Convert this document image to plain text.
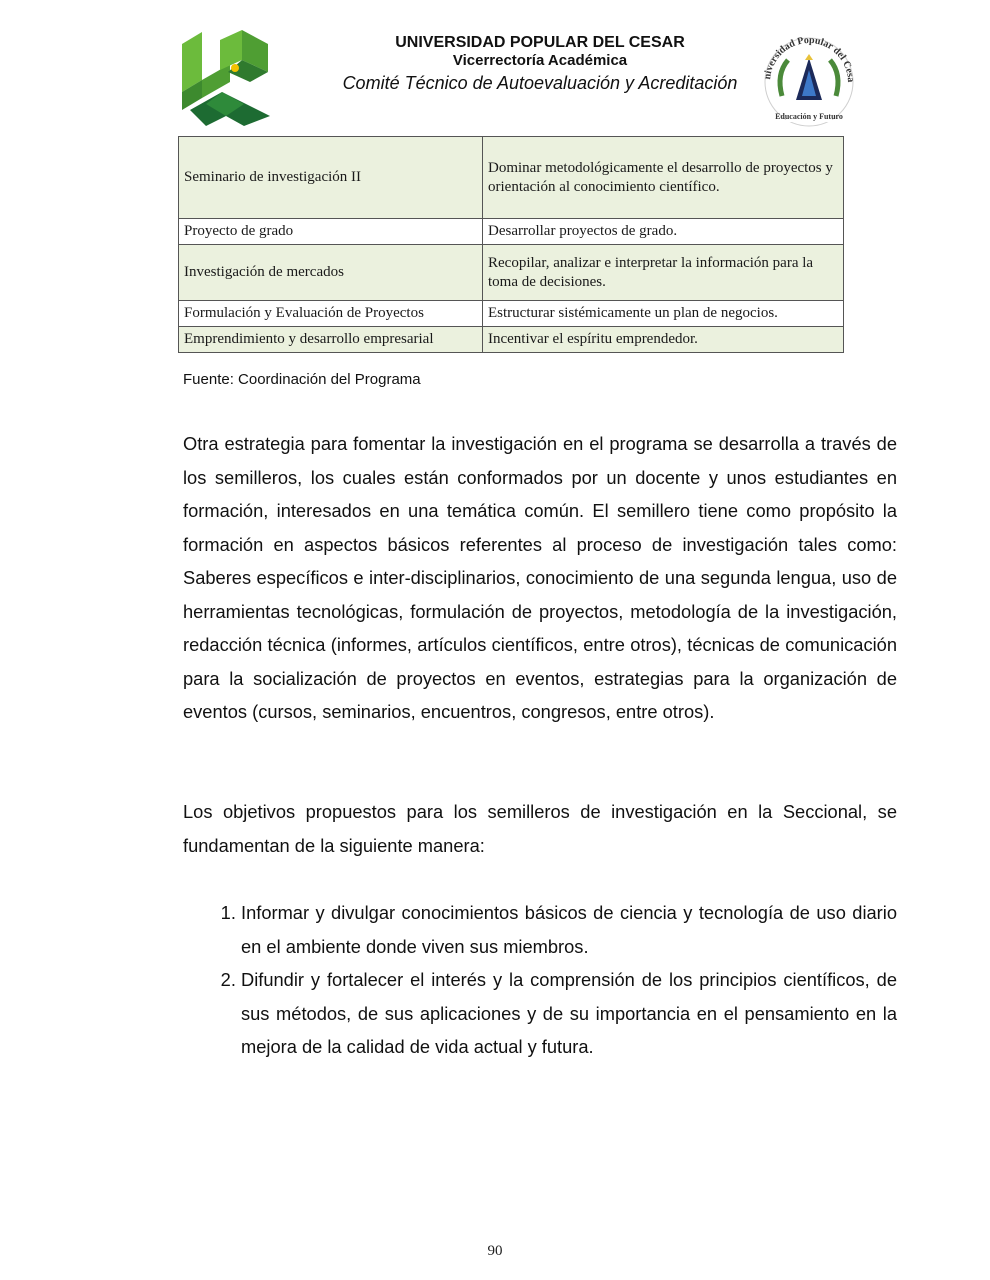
UNIVERSIDAD POPULAR DEL CESAR
Vicerrectoría Académica
Comité Técnico de Autoevaluación y Acreditación	niversidad Popular del Cesa
Educación y Futuro
Seminario de investigación II	Dominar metodológicamente el desarrollo de proyectos y orientación al conocimiento científico.
Proyecto de grado	Desarrollar proyectos de grado.
Investigación de mercados	Recopilar, analizar e interpretar la información para la toma de decisiones.
Formulación y Evaluación de Proyectos	Estructurar sistémicamente un plan de negocios.
Emprendimiento y desarrollo empresarial	Incentivar el espíritu emprendedor.
Fuente: Coordinación del Programa

Otra estrategia para fomentar la investigación en el programa se desarrolla a través de los semilleros, los cuales están conformados por un docente y unos estudiantes en formación, interesados en una temática común. El semillero tiene como propósito la formación en aspectos básicos referentes al proceso de investigación tales como: Saberes específicos e inter-disciplinarios, conocimiento de una segunda lengua, uso de herramientas tecnológicas, formulación de proyectos, metodología de la investigación, redacción técnica (informes, artículos científicos, entre otros), técnicas de comunicación para la socialización de proyectos en eventos, estrategias para la organización de eventos (cursos, seminarios, encuentros, congresos, entre otros).

Los objetivos propuestos para los semilleros de investigación en la Seccional, se fundamentan de la siguiente manera:

1. Informar y divulgar conocimientos básicos de ciencia y tecnología de uso diario en el ambiente donde viven sus miembros.
2. Difundir y fortalecer el interés y la comprensión de los principios científicos, de sus métodos, de sus aplicaciones y de su importancia en el pensamiento en la mejora de la calidad de vida actual y futura.
90
